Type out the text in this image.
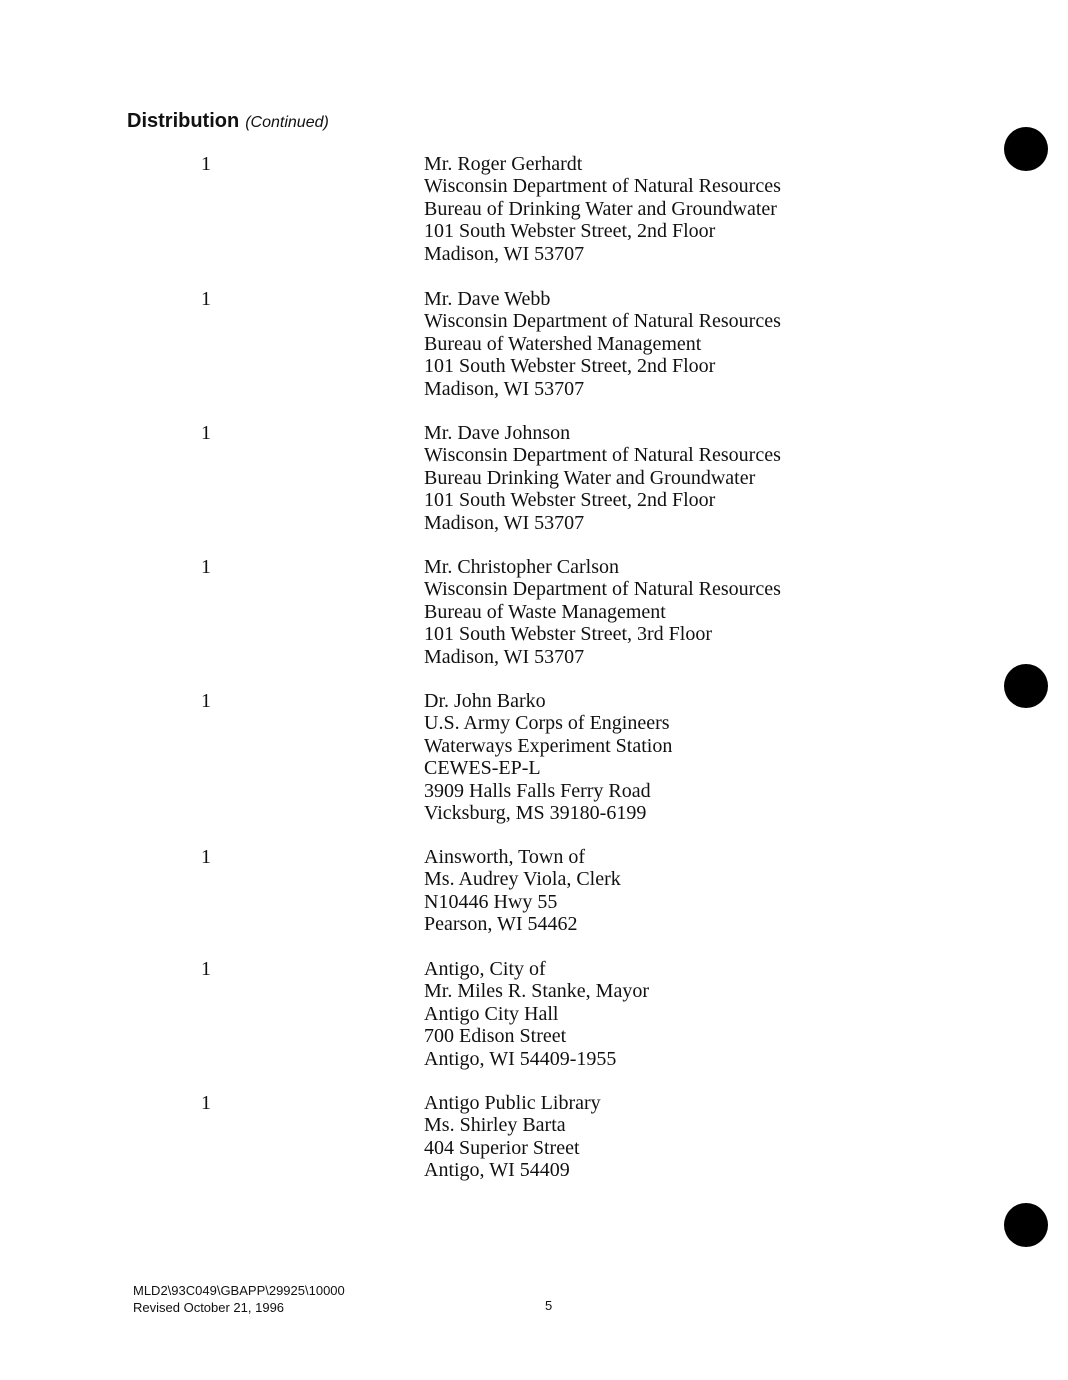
Distribution (Continued)
1	Mr. Roger Gerhardt
Wisconsin Department of Natural Resources
Bureau of Drinking Water and Groundwater
101 South Webster Street, 2nd Floor
Madison, WI 53707
1	Mr. Dave Webb
Wisconsin Department of Natural Resources
Bureau of Watershed Management
101 South Webster Street, 2nd Floor
Madison, WI 53707
1	Mr. Dave Johnson
Wisconsin Department of Natural Resources
Bureau Drinking Water and Groundwater
101 South Webster Street, 2nd Floor
Madison, WI 53707
1	Mr. Christopher Carlson
Wisconsin Department of Natural Resources
Bureau of Waste Management
101 South Webster Street, 3rd Floor
Madison, WI 53707
1	Dr. John Barko
U.S. Army Corps of Engineers
Waterways Experiment Station
CEWES-EP-L
3909 Halls Falls Ferry Road
Vicksburg, MS 39180-6199
1	Ainsworth, Town of
Ms. Audrey Viola, Clerk
N10446 Hwy 55
Pearson, WI 54462
1	Antigo, City of
Mr. Miles R. Stanke, Mayor
Antigo City Hall
700 Edison Street
Antigo, WI 54409-1955
1	Antigo Public Library
Ms. Shirley Barta
404 Superior Street
Antigo, WI 54409
MLD2\93C049\GBAPP\29925\10000
Revised October 21, 1996	5
